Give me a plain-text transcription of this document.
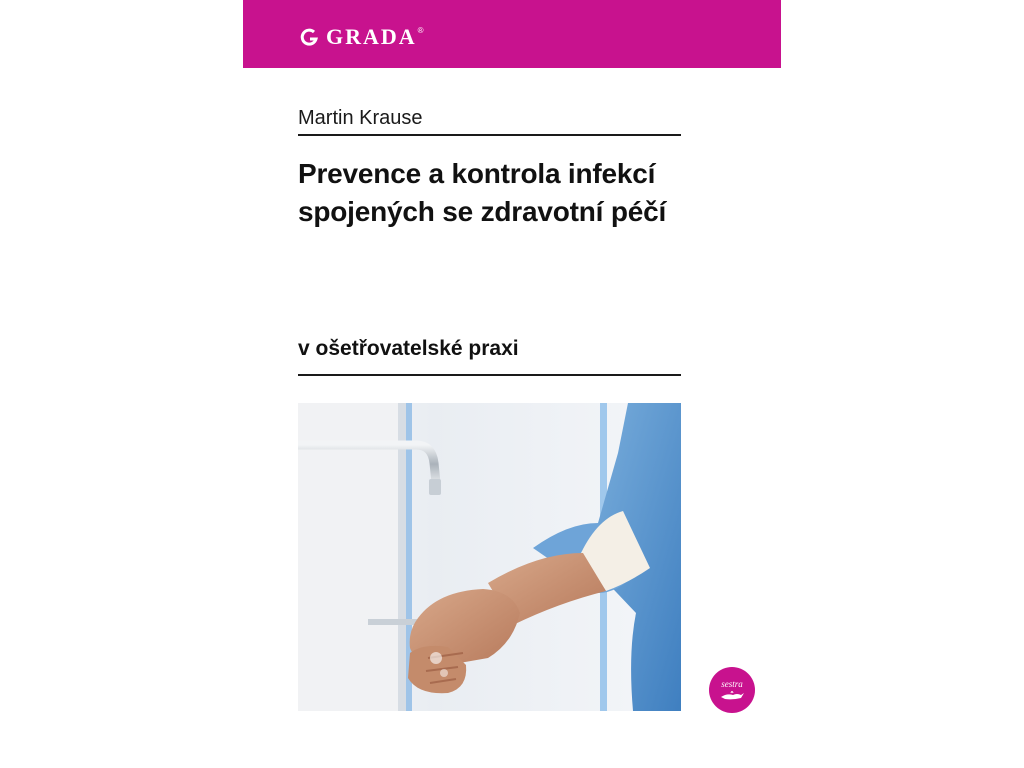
GRADA ®
Martin Krause
Prevence a kontrola infekcí
spojených se zdravotní péčí
v ošetřovatelské praxi
sestra
